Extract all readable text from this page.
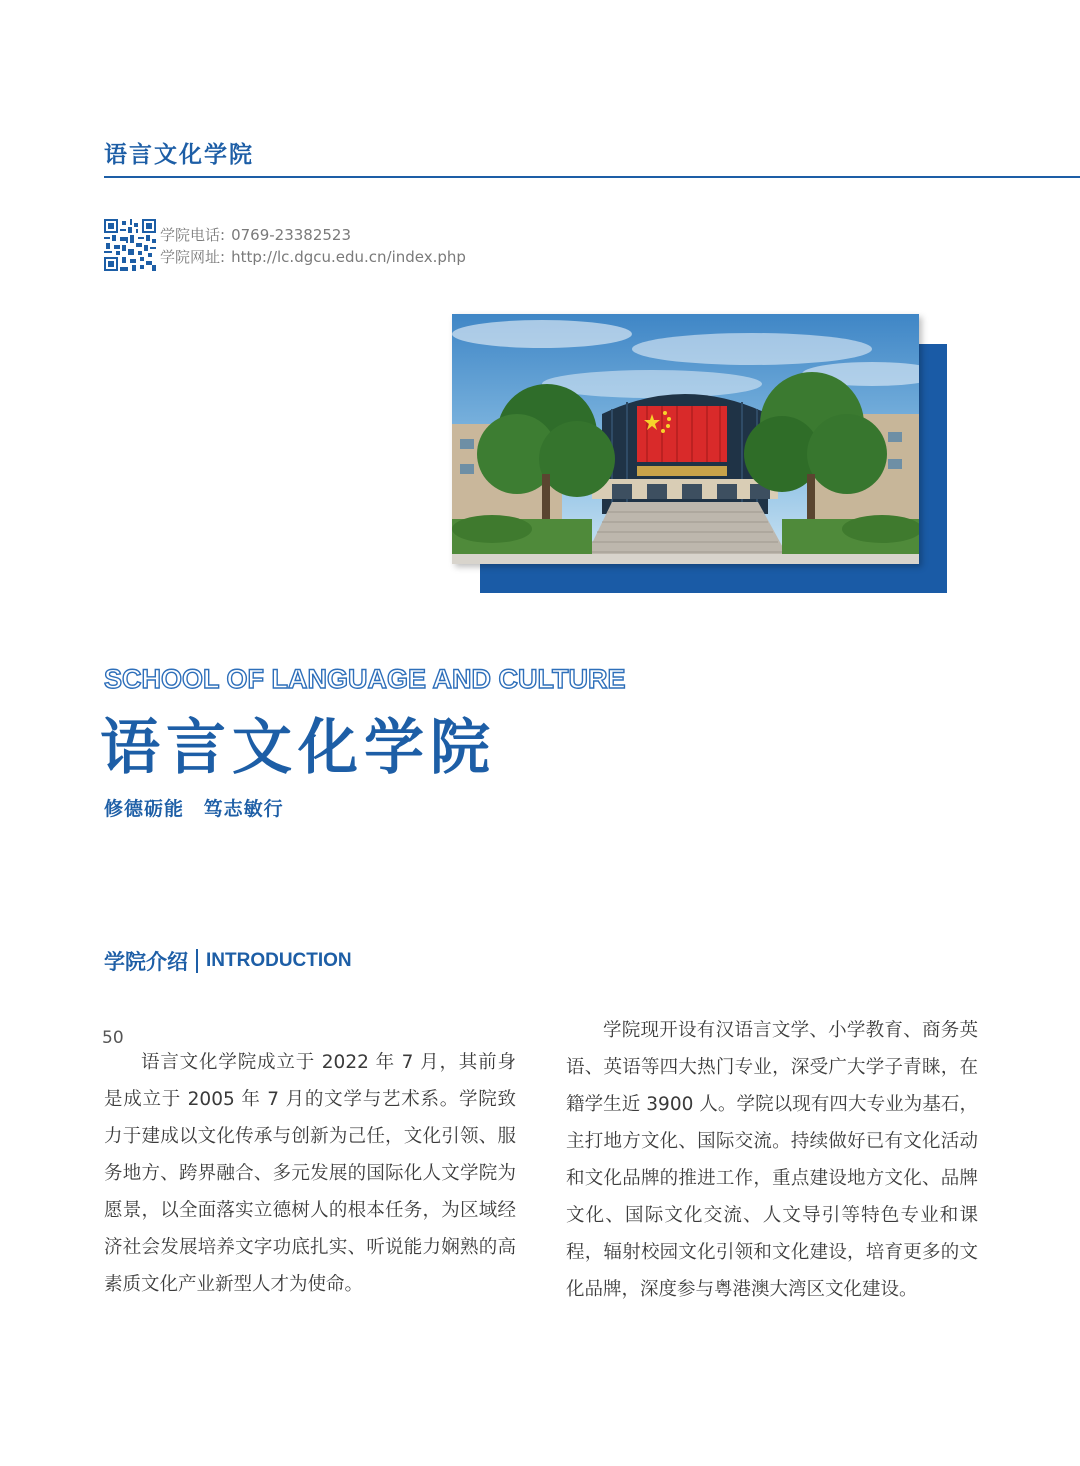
语言文化学院
学院电话: 0769-23382523
学院网址: http://lc.dgcu.edu.cn/index.php
SCHOOL OF LANGUAGE AND CULTURE
语言文化学院
修德砺能 笃志敏行
学院介绍 INTRODUCTION

语言文化学院成立于 2022 年 7 月，其前身是成立于 2005 年 7 月的文学与艺术系。学院致力于建成以文化传承与创新为己任，文化引领、服务地方、跨界融合、多元发展的国际化人文学院为愿景，以全面落实立德树人的根本任务，为区域经济社会发展培养文字功底扎实、听说能力娴熟的高素质文化产业新型人才为使命。

学院现开设有汉语言文学、小学教育、商务英语、英语等四大热门专业，深受广大学子青睐，在籍学生近 3900 人。学院以现有四大专业为基石，主打地方文化、国际交流。持续做好已有文化活动和文化品牌的推进工作，重点建设地方文化、品牌文化、国际文化交流、人文导引等特色专业和课程，辐射校园文化引领和文化建设，培育更多的文化品牌，深度参与粤港澳大湾区文化建设。

50
